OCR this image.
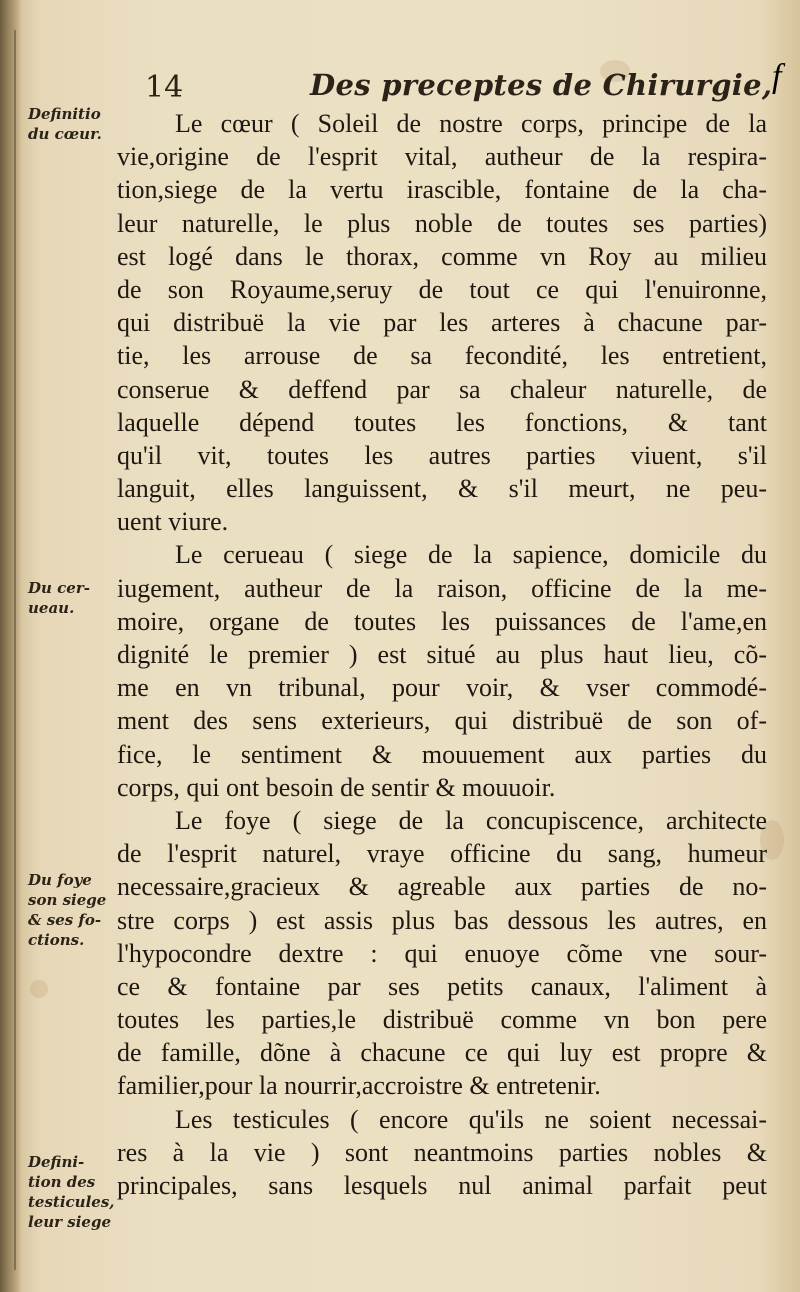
14	Des preceptes de Chirurgie, f
Definitio
du cœur.
Du cer-
ueau.
Du foye
son siege
& ses fo-
ctions.
Defini-
tion des
testicules,
leur siege
Le cœur ( Soleil de nostre corps, principe de la
vie,origine de l'esprit vital, autheur de la respira-
tion,siege de la vertu irascible, fontaine de la cha-
leur naturelle, le plus noble de toutes ses parties)
est logé dans le thorax, comme vn Roy au milieu
de son Royaume,seruy de tout ce qui l'enuironne,
qui distribuë la vie par les arteres à chacune par-
tie, les arrouse de sa fecondité, les entretient,
conserue & deffend par sa chaleur naturelle, de
laquelle dépend toutes les fonctions, & tant
qu'il vit, toutes les autres parties viuent, s'il
languit, elles languissent, & s'il meurt, ne peu-
uent viure.
Le cerueau ( siege de la sapience, domicile du
iugement, autheur de la raison, officine de la me-
moire, organe de toutes les puissances de l'ame,en
dignité le premier ) est situé au plus haut lieu, cõ-
me en vn tribunal, pour voir, & vser commodé-
ment des sens exterieurs, qui distribuë de son of-
fice, le sentiment & mouuement aux parties du
corps, qui ont besoin de sentir & mouuoir.
Le foye ( siege de la concupiscence, architecte
de l'esprit naturel, vraye officine du sang, humeur
necessaire,gracieux & agreable aux parties de no-
stre corps ) est assis plus bas dessous les autres, en
l'hypocondre dextre : qui enuoye cõme vne sour-
ce & fontaine par ses petits canaux, l'aliment à
toutes les parties,le distribuë comme vn bon pere
de famille, dõne à chacune ce qui luy est propre &
familier,pour la nourrir,accroistre & entretenir.
Les testicules ( encore qu'ils ne soient necessai-
res à la vie ) sont neantmoins parties nobles &
principales, sans lesquels nul animal parfait peut
